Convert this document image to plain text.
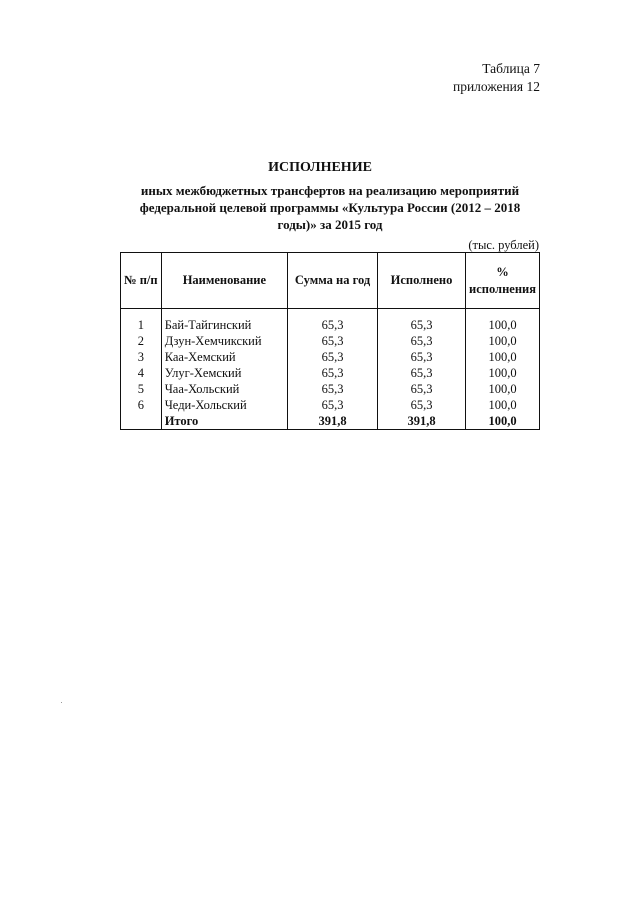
Таблица 7
приложения 12
ИСПОЛНЕНИЕ
иных межбюджетных трансфертов на реализацию мероприятий
федеральной целевой программы «Культура России (2012 – 2018
годы)» за 2015 год
(тыс. рублей)
№ п/п	Наименование	Сумма на год	Исполнено	% исполнения

1	Бай-Тайгинский	65,3	65,3	100,0
2	Дзун-Хемчикский	65,3	65,3	100,0
3	Каа-Хемский	65,3	65,3	100,0
4	Улуг-Хемский	65,3	65,3	100,0
5	Чаа-Хольский	65,3	65,3	100,0
6	Чеди-Хольский	65,3	65,3	100,0
	Итого	391,8	391,8	100,0
